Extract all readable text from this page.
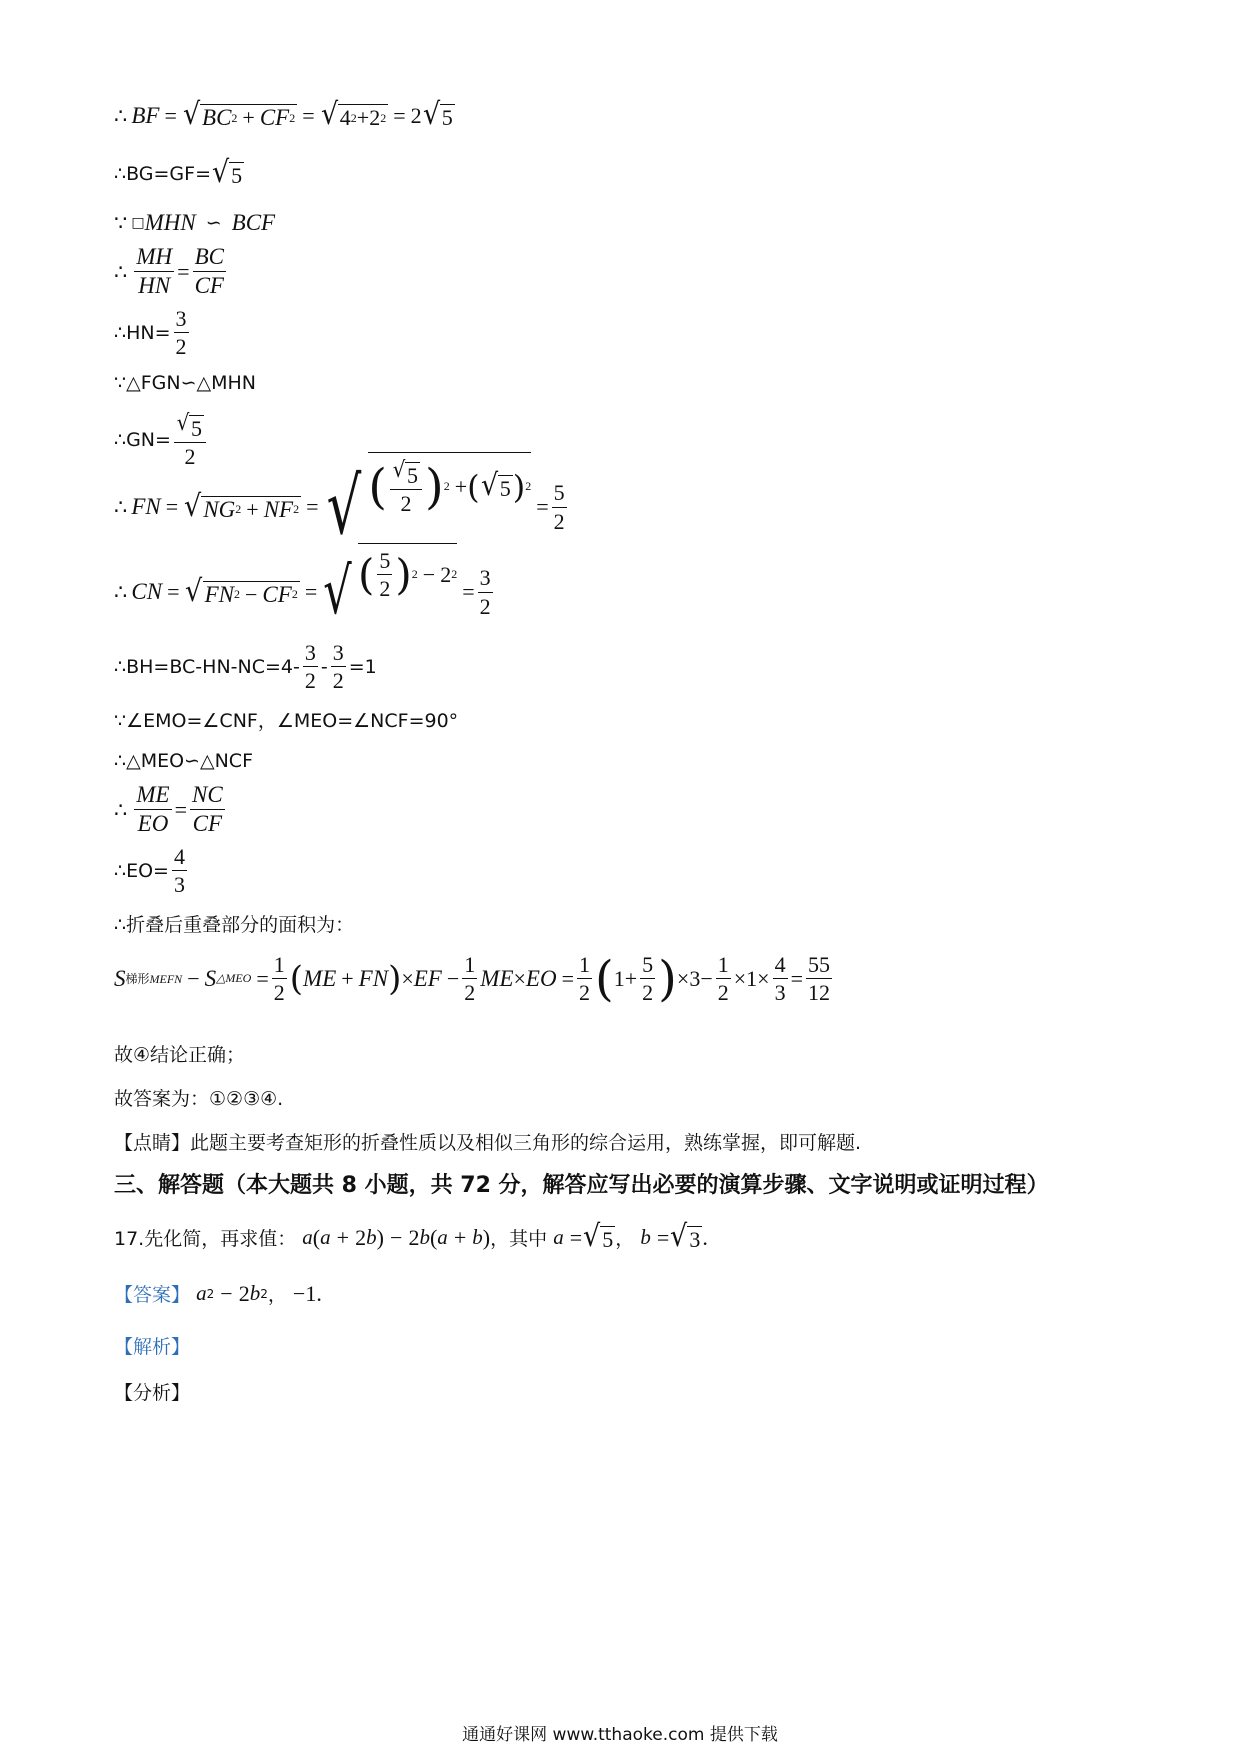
∴ BF
=
√ BC 2
+
CF 2
=
√ 4 2 + 2 2
=
2 √ 5
∴BG=GF= √ 5
∵ □ MHN ∽ BCF
∴ $\frac{MH}{HN} = \frac{BC}{CF}$
∴HN= $\frac{3}{2}$
∵△FGN∽△MHN
∴GN= $\frac{√ 5}{2}$
∴ FN
=
√ NG 2
+
NF 2
= √ ( $\frac{√ 5}{2}$ ) 2
+ ( √ 5 ) 2

= $\frac{5}{2}$
∴ CN
=
√ FN 2
−
CF 2
= √ ( $\frac{5}{2}$ ) 2
−
2 2

= $\frac{3}{2}$
∴BH=BC-HN-NC=4- $\frac{3}{2} - \frac{3}{2} =1$
∵∠EMO=∠CNF，∠MEO=∠NCF=90°
∴△MEO∽△NCF
∴ $\frac{ME}{EO} = \frac{NC}{CF}$
∴EO= $\frac{4}{3}$
∴折叠后重叠部分的面积为：
S 梯形MEFN
−
S △MEO
= $\frac{1}{2}$ ( ME
+
FN ) × EF
− $\frac{1}{2}$ ME × EO
= $\frac{1}{2}$ ( $1+ \frac{5}{2}$ ) $\times 3- \frac{1}{2} \times 1\times \frac{4}{3} = \frac{55}{12}$
故④结论正确；
故答案为：①②③④.
【点睛】此题主要考查矩形的折叠性质以及相似三角形的综合运用，熟练掌握，即可解题.
三、解答题（本大题共 8 小题，共 72 分，解答应写出必要的演算步骤、文字说明或证明过程）
17.先化简，再求值：
a ( a
+
2 b )
−
2 b ( a
+
b ) ，其中
a
= √ 5 ， b
= √ 3 .
【答案】
a 2
−
2 b 2 ， −1 .
【解析】
【分析】
通通好课网 www.tthaoke.com 提供下载
